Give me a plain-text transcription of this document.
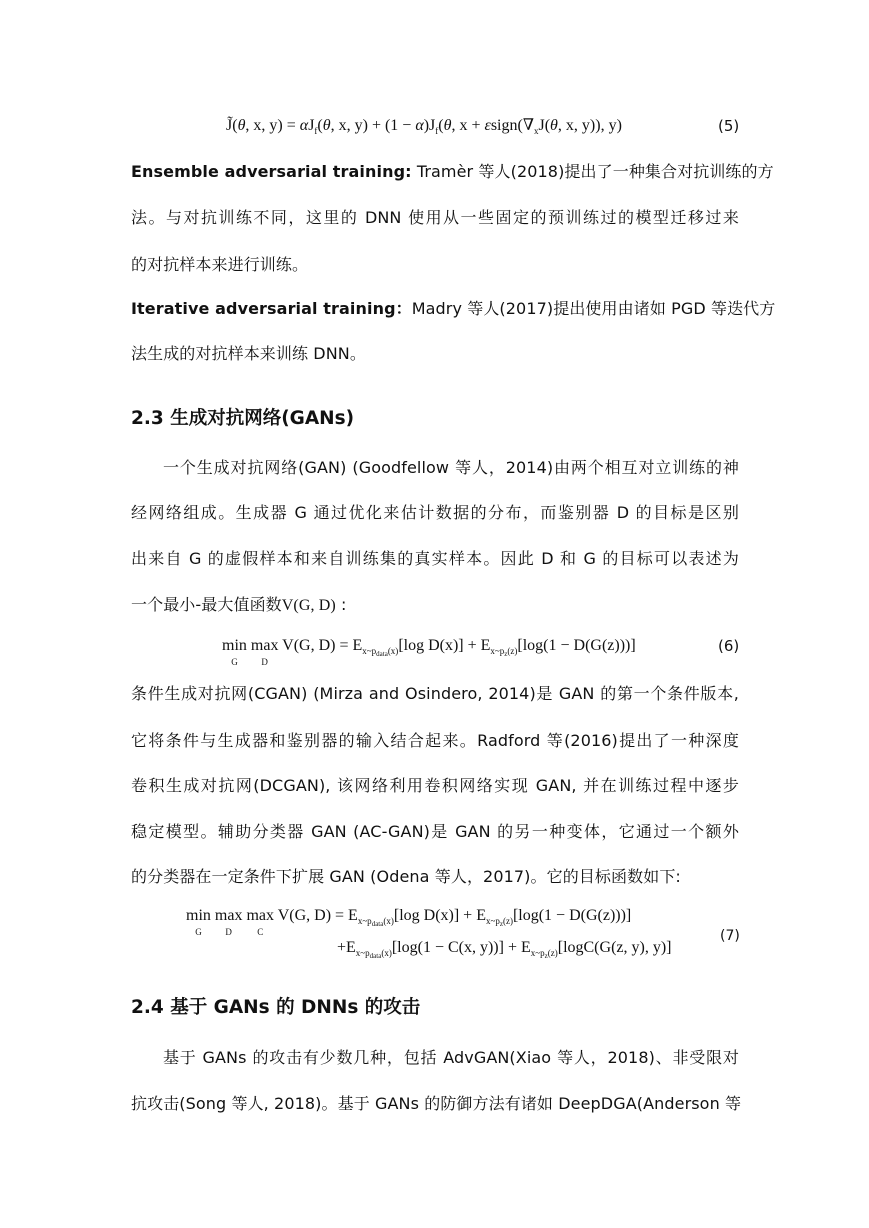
J̃(θ, x, $y) = \alpha J_f(\theta$, x, $y) + (1 - \alpha)J_f(\theta$, $x + \varepsilon sign(\nabla_xJ(\theta$, x, y)), y)	(5)
Ensemble adversarial training: Tramèr 等人(2018)提出了一种集合对抗训练的方
法。与对抗训练不同，这里的 DNN 使用从一些固定的预训练过的模型迁移过来
的对抗样本来进行训练。
Iterative adversarial training：Madry 等人(2017)提出使用由诸如 PGD 等迭代方
法生成的对抗样本来训练 DNN。
2.3 生成对抗网络(GANs)
一个生成对抗网络(GAN) (Goodfellow 等人，2014)由两个相互对立训练的神
经网络组成。生成器 G 通过优化来估计数据的分布，而鉴别器 D 的目标是区别
出来自 G 的虚假样本和来自训练集的真实样本。因此 D 和 G 的目标可以表述为
一个最小-最大值函数V(G, D) :
min
G
max
D
V(G, $D) = E_{x\sim p_{data}(x)}[\log$ $D(x)] + E_{x\sim p_z(z)}[\log(1 - D(G(z)))]$	(6)
条件生成对抗网(CGAN) (Mirza and Osindero, 2014)是 GAN 的第一个条件版本,
它将条件与生成器和鉴别器的输入结合起来。Radford 等(2016)提出了一种深度
卷积生成对抗网(DCGAN), 该网络利用卷积网络实现 GAN, 并在训练过程中逐步
稳定模型。辅助分类器 GAN (AC-GAN)是 GAN 的另一种变体，它通过一个额外
的分类器在一定条件下扩展 GAN (Odena 等人，2017)。它的目标函数如下:
min
G
max
D
max
C
V(G, $D) = E_{x\sim p_{data}(x)}[\log$ $D(x)] + E_{x\sim p_z(z)}[\log(1 - D(G(z)))]$
$+E_{x\sim p_{data}(x)}[\log(1 - C(x$, $y))] + E_{x\sim p_z(z)}[\log C(G(z$, y), y)]
(7)
2.4 基于 GANs 的 DNNs 的攻击
基于 GANs 的攻击有少数几种，包括 AdvGAN(Xiao 等人，2018)、非受限对
抗攻击(Song 等人, 2018)。基于 GANs 的防御方法有诸如 DeepDGA(Anderson 等
